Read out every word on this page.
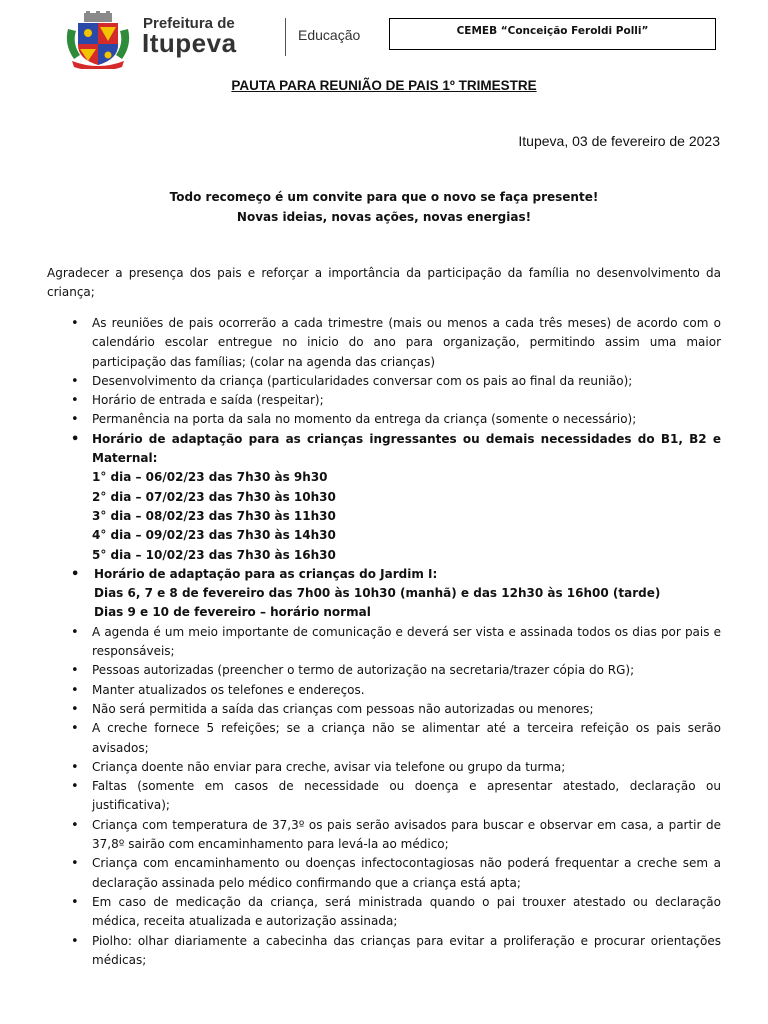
Prefeitura de
Itupeva	Educação	CEMEB “Conceição Feroldi Polli”
PAUTA PARA REUNIÃO DE PAIS 1º TRIMESTRE
Itupeva, 03 de fevereiro de 2023
Todo recomeço é um convite para que o novo se faça presente!
Novas ideias, novas ações, novas energias!
Agradecer a presença dos pais e reforçar a importância da participação da família no desenvolvimento da criança;
• As reuniões de pais ocorrerão a cada trimestre (mais ou menos a cada três meses) de acordo com o calendário escolar entregue no inicio do ano para organização, permitindo assim uma maior participação das famílias; (colar na agenda das crianças)
• Desenvolvimento da criança (particularidades conversar com os pais ao final da reunião);
• Horário de entrada e saída (respeitar);
• Permanência na porta da sala no momento da entrega da criança (somente o necessário);
• Horário de adaptação para as crianças ingressantes ou demais necessidades do B1, B2 e Maternal:
1° dia – 06/02/23 das 7h30 às 9h30
2° dia – 07/02/23 das 7h30 às 10h30
3° dia – 08/02/23 das 7h30 às 11h30
4° dia – 09/02/23 das 7h30 às 14h30
5° dia – 10/02/23 das 7h30 às 16h30
• Horário de adaptação para as crianças do Jardim I:
Dias 6, 7 e 8 de fevereiro das 7h00 às 10h30 (manhã) e das 12h30 às 16h00 (tarde)
Dias 9 e 10 de fevereiro – horário normal
• A agenda é um meio importante de comunicação e deverá ser vista e assinada todos os dias por pais e responsáveis;
• Pessoas autorizadas (preencher o termo de autorização na secretaria/trazer cópia do RG);
• Manter atualizados os telefones e endereços.
• Não será permitida a saída das crianças com pessoas não autorizadas ou menores;
• A creche fornece 5 refeições; se a criança não se alimentar até a terceira refeição os pais serão avisados;
• Criança doente não enviar para creche, avisar via telefone ou grupo da turma;
• Faltas (somente em casos de necessidade ou doença e apresentar atestado, declaração ou justificativa);
• Criança com temperatura de 37,3º os pais serão avisados para buscar e observar em casa, a partir de 37,8º sairão com encaminhamento para levá-la ao médico;
• Criança com encaminhamento ou doenças infectocontagiosas não poderá frequentar a creche sem a declaração assinada pelo médico confirmando que a criança está apta;
• Em caso de medicação da criança, será ministrada quando o pai trouxer atestado ou declaração médica, receita atualizada e autorização assinada;
• Piolho: olhar diariamente a cabecinha das crianças para evitar a proliferação e procurar orientações médicas;
